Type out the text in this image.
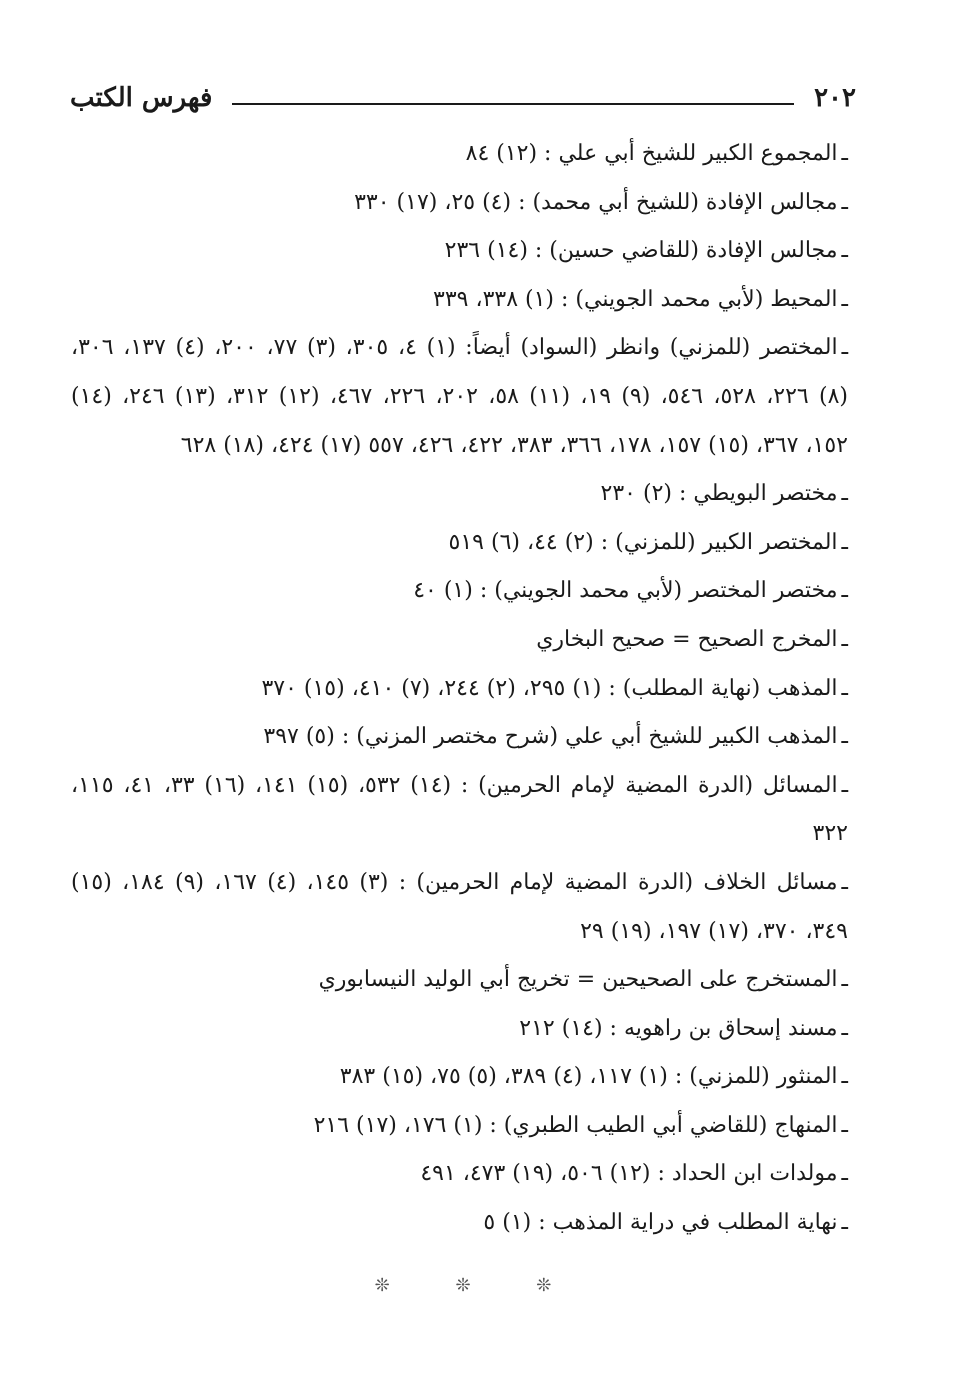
٢٠٢
فهرس الكتب

ـالمجموع الكبير للشيخ أبي علي : (١٢) ٨٤

ـمجالس الإفادة (للشيخ أبي محمد) : (٤) ٢٥، (١٧) ٣٣٠

ـمجالس الإفادة (للقاضي حسين) : (١٤) ٢٣٦

ـالمحيط (لأبي محمد الجويني) : (١) ٣٣٨، ٣٣٩

ـالمختصر (للمزني) وانظر (السواد) أيضاً: (١) ٤، ٣٠٥، (٣) ٧٧، ٢٠٠، (٤) ١٣٧، ٣٠٦، (٨) ٢٢٦، ٥٢٨، ٥٤٦، (٩) ١٩، (١١) ٥٨، ٢٠٢، ٢٢٦، ٤٦٧، (١٢) ٣١٢، (١٣) ٢٤٦، (١٤) ١٥٢، ٣٦٧، (١٥) ١٥٧، ١٧٨، ٣٦٦، ٣٨٣، ٤٢٢، ٤٢٦، ٥٥٧ (١٧) ٤٢٤، (١٨) ٦٢٨

ـمختصر البويطي : (٢) ٢٣٠

ـالمختصر الكبير (للمزني) : (٢) ٤٤، (٦) ٥١٩

ـمختصر المختصر (لأبي محمد الجويني) : (١) ٤٠

ـالمخرج الصحيح = صحيح البخاري

ـالمذهب (نهاية المطلب) : (١) ٢٩٥، (٢) ٢٤٤، (٧) ٤١٠، (١٥) ٣٧٠

ـالمذهب الكبير للشيخ أبي علي (شرح مختصر المزني) : (٥) ٣٩٧

ـالمسائل (الدرة المضية لإمام الحرمين) : (١٤) ٥٣٢، (١٥) ١٤١، (١٦) ٣٣، ٤١، ١١٥، ٣٢٢

ـمسائل الخلاف (الدرة المضية لإمام الحرمين) : (٣) ١٤٥، (٤) ١٦٧، (٩) ١٨٤، (١٥) ٣٤٩، ٣٧٠، (١٧) ١٩٧، (١٩) ٢٩

ـالمستخرج على الصحيحين = تخريج أبي الوليد النيسابوري

ـمسند إسحاق بن راهويه : (١٤) ٢١٢

ـالمنثور (للمزني) : (١) ١١٧، (٤) ٣٨٩، (٥) ٧٥، (١٥) ٣٨٣

ـالمنهاج (للقاضي أبي الطيب الطبري) : (١) ١٧٦، (١٧) ٢١٦

ـمولدات ابن الحداد : (١٢) ٥٠٦، (١٩) ٤٧٣، ٤٩١

ـنهاية المطلب في دراية المذهب : (١) ٥

❊ ❊ ❊
